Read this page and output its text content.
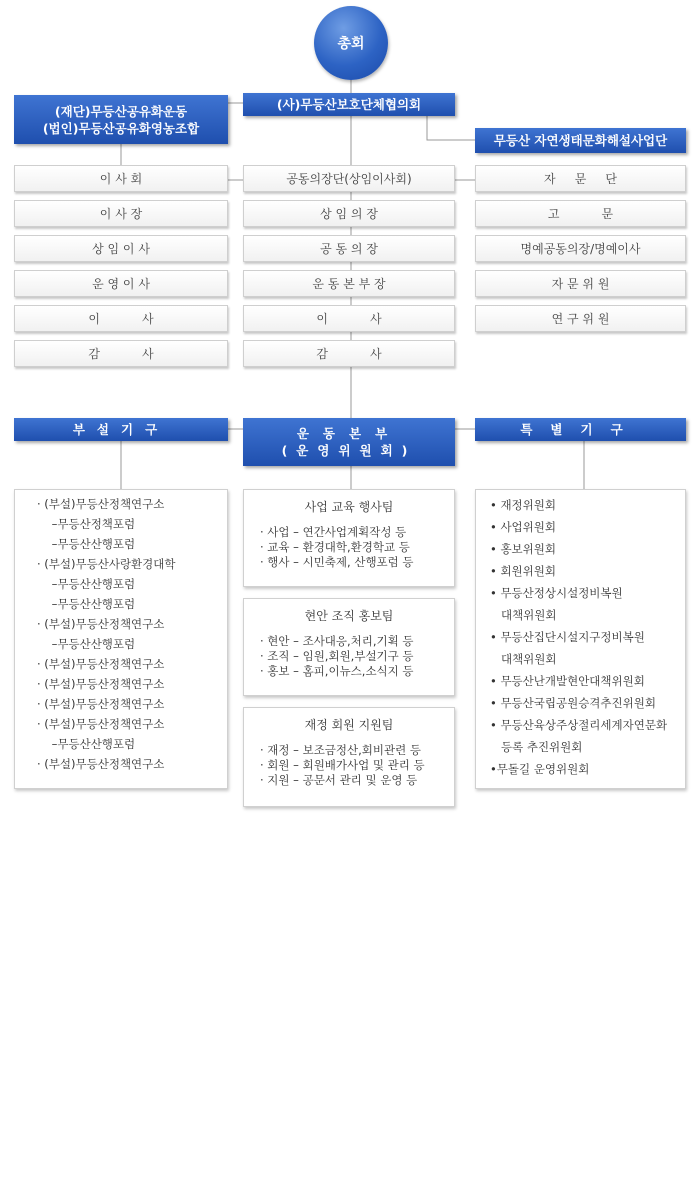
총회
(재단)무등산공유화운동
(법인)무등산공유화영농조합
(사)무등산보호단체협의회
무등산 자연생태문화해설사업단
이 사 회
이 사 장
상 임 이 사
운 영 이 사
이           사
감           사
공동의장단(상임이사회)
상 임 의 장
공 동 의 장
운 동 본 부 장
이           사
감           사
자     문     단
고           문
명예공동의장/명예이사
자 문 위 원
연 구 위 원
부설기구	운동본부
(운영위원회)
특별기구
· (부설)무등산정책연구소
–무등산정책포럼
–무등산산행포럼
· (부설)무등산사랑환경대학
–무등산산행포럼
–무등산산행포럼
· (부설)무등산정책연구소
–무등산산행포럼
· (부설)무등산정책연구소
· (부설)무등산정책연구소
· (부설)무등산정책연구소
· (부설)무등산정책연구소
–무등산산행포럼
· (부설)무등산정책연구소
사업 교육 행사팀
· 사업 – 연간사업계획작성 등
· 교육 – 환경대학,환경학교 등
· 행사 – 시민축제, 산행포럼 등
현안 조직 홍보팀
· 현안 – 조사대응,처리,기획 등
· 조직 – 임원,회원,부설기구 등
· 홍보 – 홈피,이뉴스,소식지 등
재정 회원 지원팀
· 재정 – 보조금정산,회비관련 등
· 회원 – 회원배가사업 및 관리 등
· 지원 – 공문서 관리 및 운영 등
• 재정위원회
• 사업위원회
• 홍보위원회
• 회원위원회
• 무등산정상시설정비복원
대책위원회
• 무등산집단시설지구정비복원
대책위원회
• 무등산난개발현안대책위원회
• 무등산국립공원승격추진위원회
• 무등산육상주상절리세계자연문화
등록 추진위원회
•무돌길 운영위원회
